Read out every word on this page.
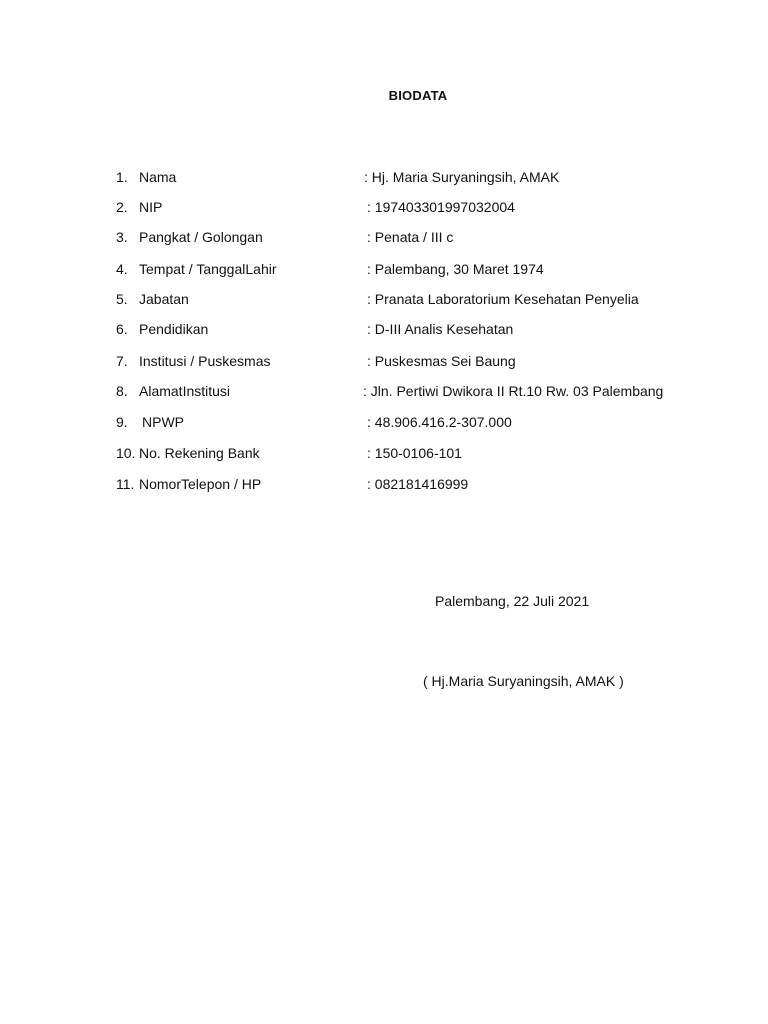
BIODATA
1. Nama	: Hj. Maria Suryaningsih, AMAK
2. NIP	: 197403301997032004
3. Pangkat / Golongan	: Penata / III c
4. Tempat / TanggalLahir	: Palembang, 30 Maret 1974
5. Jabatan	: Pranata Laboratorium Kesehatan Penyelia
6. Pendidikan	: D-III Analis Kesehatan
7. Institusi / Puskesmas	: Puskesmas Sei Baung
8. AlamatInstitusi	: Jln. Pertiwi Dwikora II Rt.10 Rw. 03 Palembang
9. NPWP	: 48.906.416.2-307.000
10. No. Rekening Bank	: 150-0106-101
11. NomorTelepon / HP	: 082181416999
Palembang, 22 Juli 2021
( Hj.Maria Suryaningsih, AMAK )
